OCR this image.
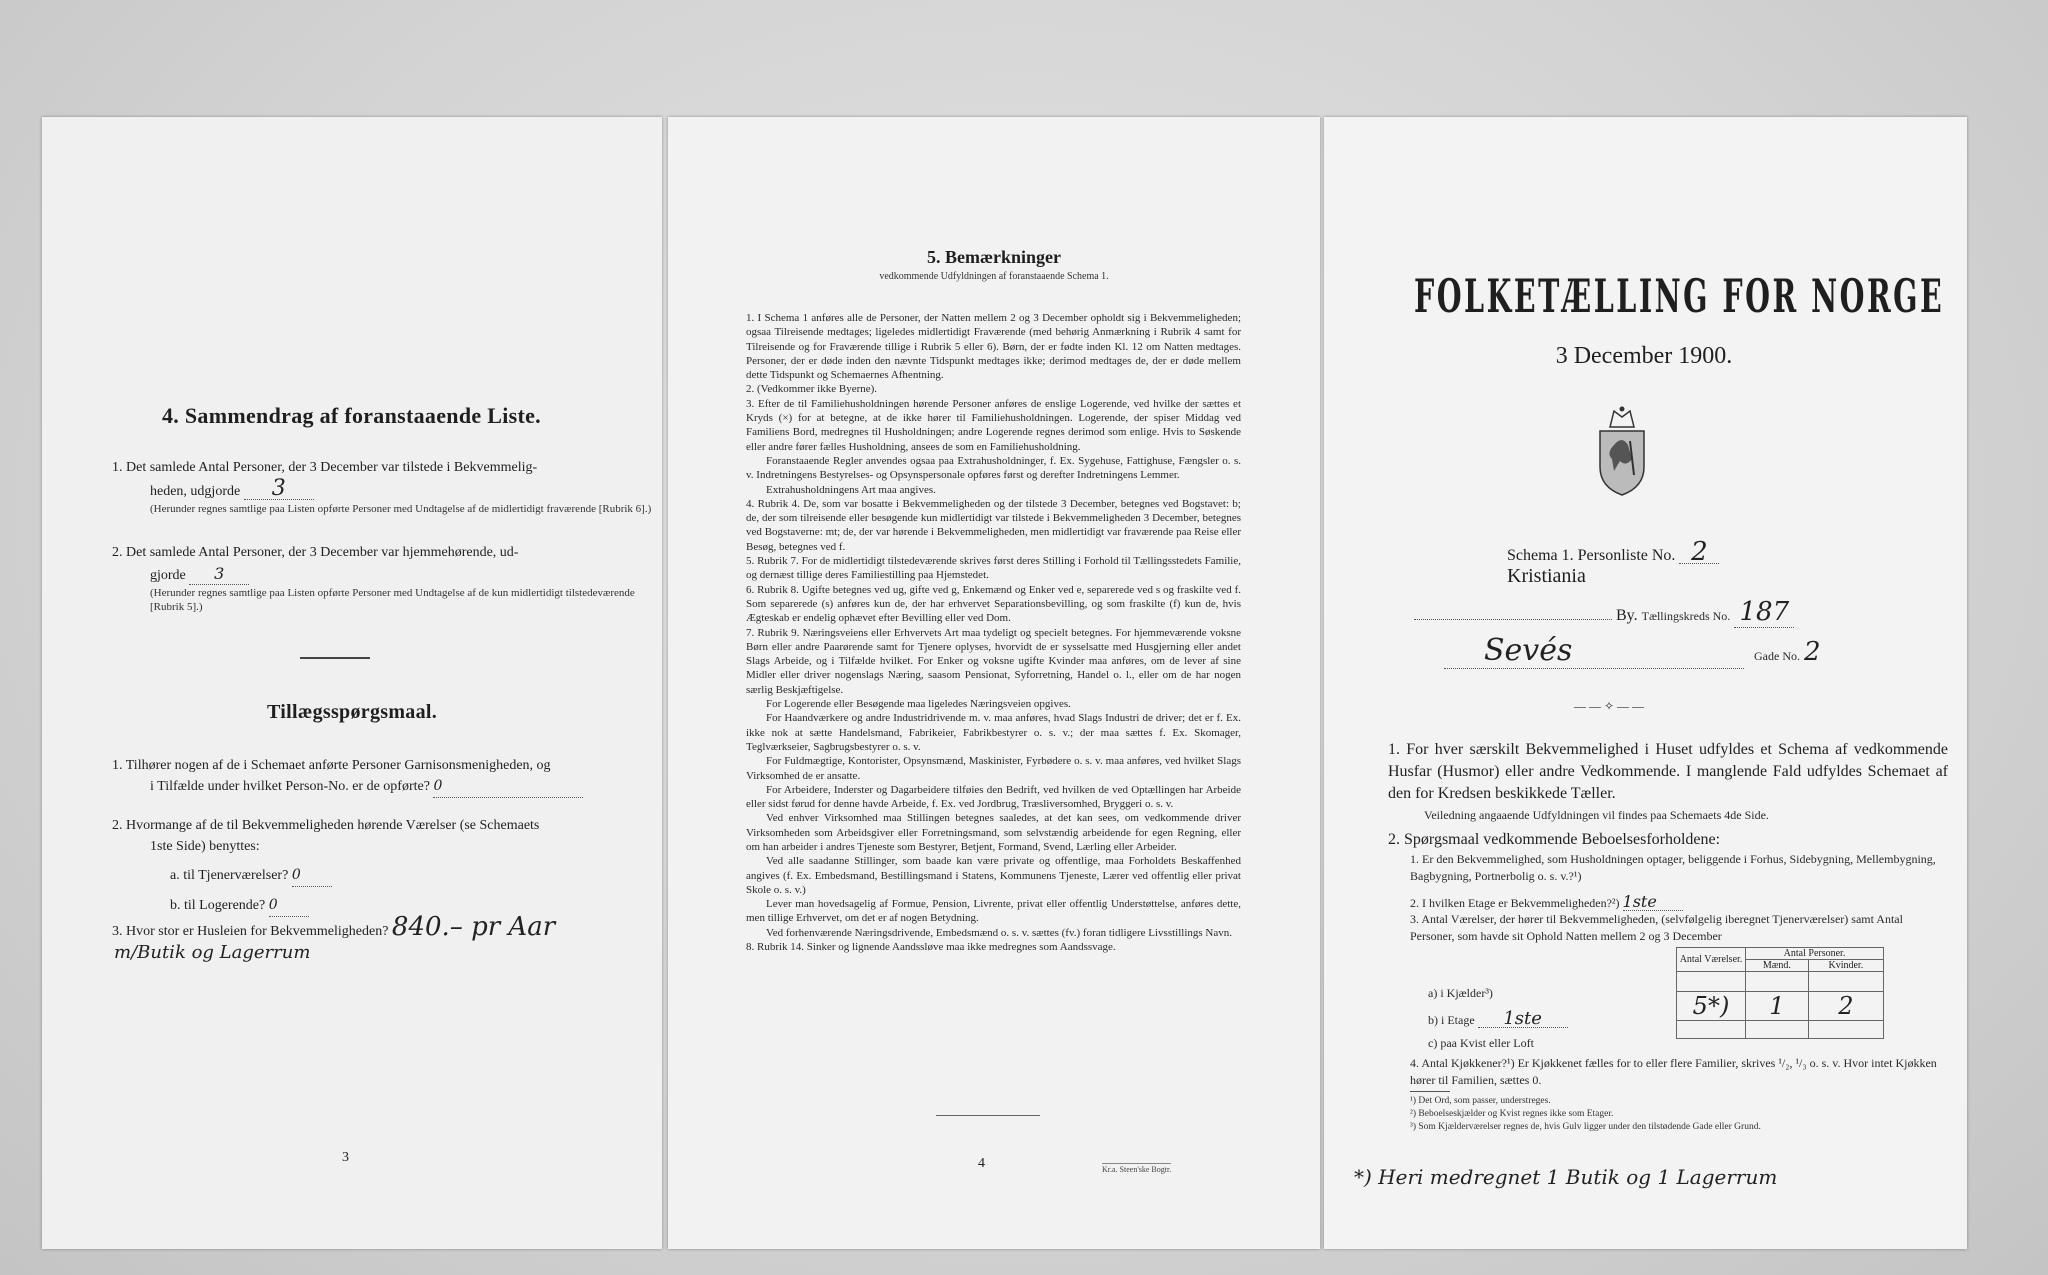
4. Sammendrag af foranstaaende Liste.
1. Det samlede Antal Personer, der 3 December var tilstede i Bekvemmelig-
heden, udgjorde 3
(Herunder regnes samtlige paa Listen opførte Personer med Undtagelse af de midlertidigt fraværende [Rubrik 6].)
2. Det samlede Antal Personer, der 3 December var hjemmehørende, ud-
gjorde 3
(Herunder regnes samtlige paa Listen opførte Personer med Undtagelse af de kun midlertidigt tilstedeværende [Rubrik 5].)
Tillægsspørgsmaal.
1. Tilhører nogen af de i Schemaet anførte Personer Garnisonsmenigheden, og
i Tilfælde under hvilket Person-No. er de opførte? 0
2. Hvormange af de til Bekvemmeligheden hørende Værelser (se Schemaets
1ste Side) benyttes:
a. til Tjenerværelser? 0
b. til Logerende? 0
3. Hvor stor er Husleien for Bekvemmeligheden? 840.– pr Aar
m/Butik og Lagerrum
3
5. Bemærkninger
vedkommende Udfyldningen af foranstaaende Schema 1.

1. I Schema 1 anføres alle de Personer, der Natten mellem 2 og 3 December opholdt sig i Bekvemmeligheden; ogsaa Tilreisende medtages; ligeledes midlertidigt Fraværende (med behørig Anmærkning i Rubrik 4 samt for Tilreisende og for Fraværende tillige i Rubrik 5 eller 6). Børn, der er fødte inden Kl. 12 om Natten medtages. Personer, der er døde inden den nævnte Tidspunkt medtages ikke; derimod medtages de, der er døde mellem dette Tidspunkt og Schemaernes Afhentning.

2. (Vedkommer ikke Byerne).

3. Efter de til Familiehusholdningen hørende Personer anføres de enslige Logerende, ved hvilke der sættes et Kryds (×) for at betegne, at de ikke hører til Familiehusholdningen. Logerende, der spiser Middag ved Familiens Bord, medregnes til Husholdningen; andre Logerende regnes derimod som enlige. Hvis to Søskende eller andre fører fælles Husholdning, ansees de som en Familiehusholdning.

Foranstaaende Regler anvendes ogsaa paa Extrahusholdninger, f. Ex. Sygehuse, Fattighuse, Fængsler o. s. v. Indretningens Bestyrelses- og Opsynspersonale opføres først og derefter Indretningens Lemmer.

Extrahusholdningens Art maa angives.

4. Rubrik 4. De, som var bosatte i Bekvemmeligheden og der tilstede 3 December, betegnes ved Bogstavet: b; de, der som tilreisende eller besøgende kun midlertidigt var tilstede i Bekvemmeligheden 3 December, betegnes ved Bogstaverne: mt; de, der var hørende i Bekvemmeligheden, men midlertidigt var fraværende paa Reise eller Besøg, betegnes ved f.

5. Rubrik 7. For de midlertidigt tilstedeværende skrives først deres Stilling i Forhold til Tællingsstedets Familie, og dernæst tillige deres Familiestilling paa Hjemstedet.

6. Rubrik 8. Ugifte betegnes ved ug, gifte ved g, Enkemænd og Enker ved e, separerede ved s og fraskilte ved f. Som separerede (s) anføres kun de, der har erhvervet Separationsbevilling, og som fraskilte (f) kun de, hvis Ægteskab er endelig ophævet efter Bevilling eller ved Dom.

7. Rubrik 9. Næringsveiens eller Erhvervets Art maa tydeligt og specielt betegnes. For hjemmeværende voksne Børn eller andre Paarørende samt for Tjenere oplyses, hvorvidt de er sysselsatte med Husgjerning eller andet Slags Arbeide, og i Tilfælde hvilket. For Enker og voksne ugifte Kvinder maa anføres, om de lever af sine Midler eller driver nogenslags Næring, saasom Pensionat, Syforretning, Handel o. l., eller om de har nogen særlig Beskjæftigelse.

For Logerende eller Besøgende maa ligeledes Næringsveien opgives.

For Haandværkere og andre Industridrivende m. v. maa anføres, hvad Slags Industri de driver; det er f. Ex. ikke nok at sætte Handelsmand, Fabrikeier, Fabrikbestyrer o. s. v.; der maa sættes f. Ex. Skomager, Teglværkseier, Sagbrugsbestyrer o. s. v.

For Fuldmægtige, Kontorister, Opsynsmænd, Maskinister, Fyrbødere o. s. v. maa anføres, ved hvilket Slags Virksomhed de er ansatte.

For Arbeidere, Inderster og Dagarbeidere tilføies den Bedrift, ved hvilken de ved Optællingen har Arbeide eller sidst førud for denne havde Arbeide, f. Ex. ved Jordbrug, Træsliversomhed, Bryggeri o. s. v.

Ved enhver Virksomhed maa Stillingen betegnes saaledes, at det kan sees, om vedkommende driver Virksomheden som Arbeidsgiver eller Forretningsmand, som selvstændig arbeidende for egen Regning, eller om han arbeider i andres Tjeneste som Bestyrer, Betjent, Formand, Svend, Lærling eller Arbeider.

Ved alle saadanne Stillinger, som baade kan være private og offentlige, maa Forholdets Beskaffenhed angives (f. Ex. Embedsmand, Bestillingsmand i Statens, Kommunens Tjeneste, Lærer ved offentlig eller privat Skole o. s. v.)

Lever man hovedsagelig af Formue, Pension, Livrente, privat eller offentlig Understøttelse, anføres dette, men tillige Erhvervet, om det er af nogen Betydning.

Ved forhenværende Næringsdrivende, Embedsmænd o. s. v. sættes (fv.) foran tidligere Livsstillings Navn.

8. Rubrik 14. Sinker og lignende Aandssløve maa ikke medregnes som Aandssvage.

4	Kr.a. Steen'ske Bogtr.
FOLKETÆLLING FOR NORGE
3 December 1900.
Schema 1. Personliste No. 2
Kristiania
By. Tællingskreds No. 187
Sevés	Gade No. 2
— — ✧ — —
1. For hver særskilt Bekvemmelighed i Huset udfyldes et Schema af vedkommende Husfar (Husmor) eller andre Vedkommende. I manglende Fald udfyldes Schemaet af den for Kredsen beskikkede Tæller.
Veiledning angaaende Udfyldningen vil findes paa Schemaets 4de Side.
2. Spørgsmaal vedkommende Beboelsesforholdene:
1. Er den Bekvemmelighed, som Husholdningen optager, beliggende i Forhus, Sidebygning, Mellembygning, Bagbygning, Portnerbolig o. s. v.?¹)
2. I hvilken Etage er Bekvemmeligheden?²) 1ste
3. Antal Værelser, der hører til Bekvemmeligheden, (selvfølgelig iberegnet Tjenerværelser) samt Antal Personer, som havde sit Ophold Natten mellem 2 og 3 December
Antal Værelser.	Antal Personer.	
	Mænd.	Kvinder.

5*)	1	2

a) i Kjælder³)
b) i Etage 1ste
c) paa Kvist eller Loft
4. Antal Kjøkkener?¹) Er Kjøkkenet fælles for to eller flere Familier, skrives ¹/₂, ¹/₃ o. s. v. Hvor intet Kjøkken hører til Familien, sættes 0.
¹) Det Ord, som passer, understreges.
²) Beboelseskjælder og Kvist regnes ikke som Etager.
³) Som Kjælderværelser regnes de, hvis Gulv ligger under den tilstødende Gade eller Grund.
*) Heri medregnet 1 Butik og 1 Lagerrum
